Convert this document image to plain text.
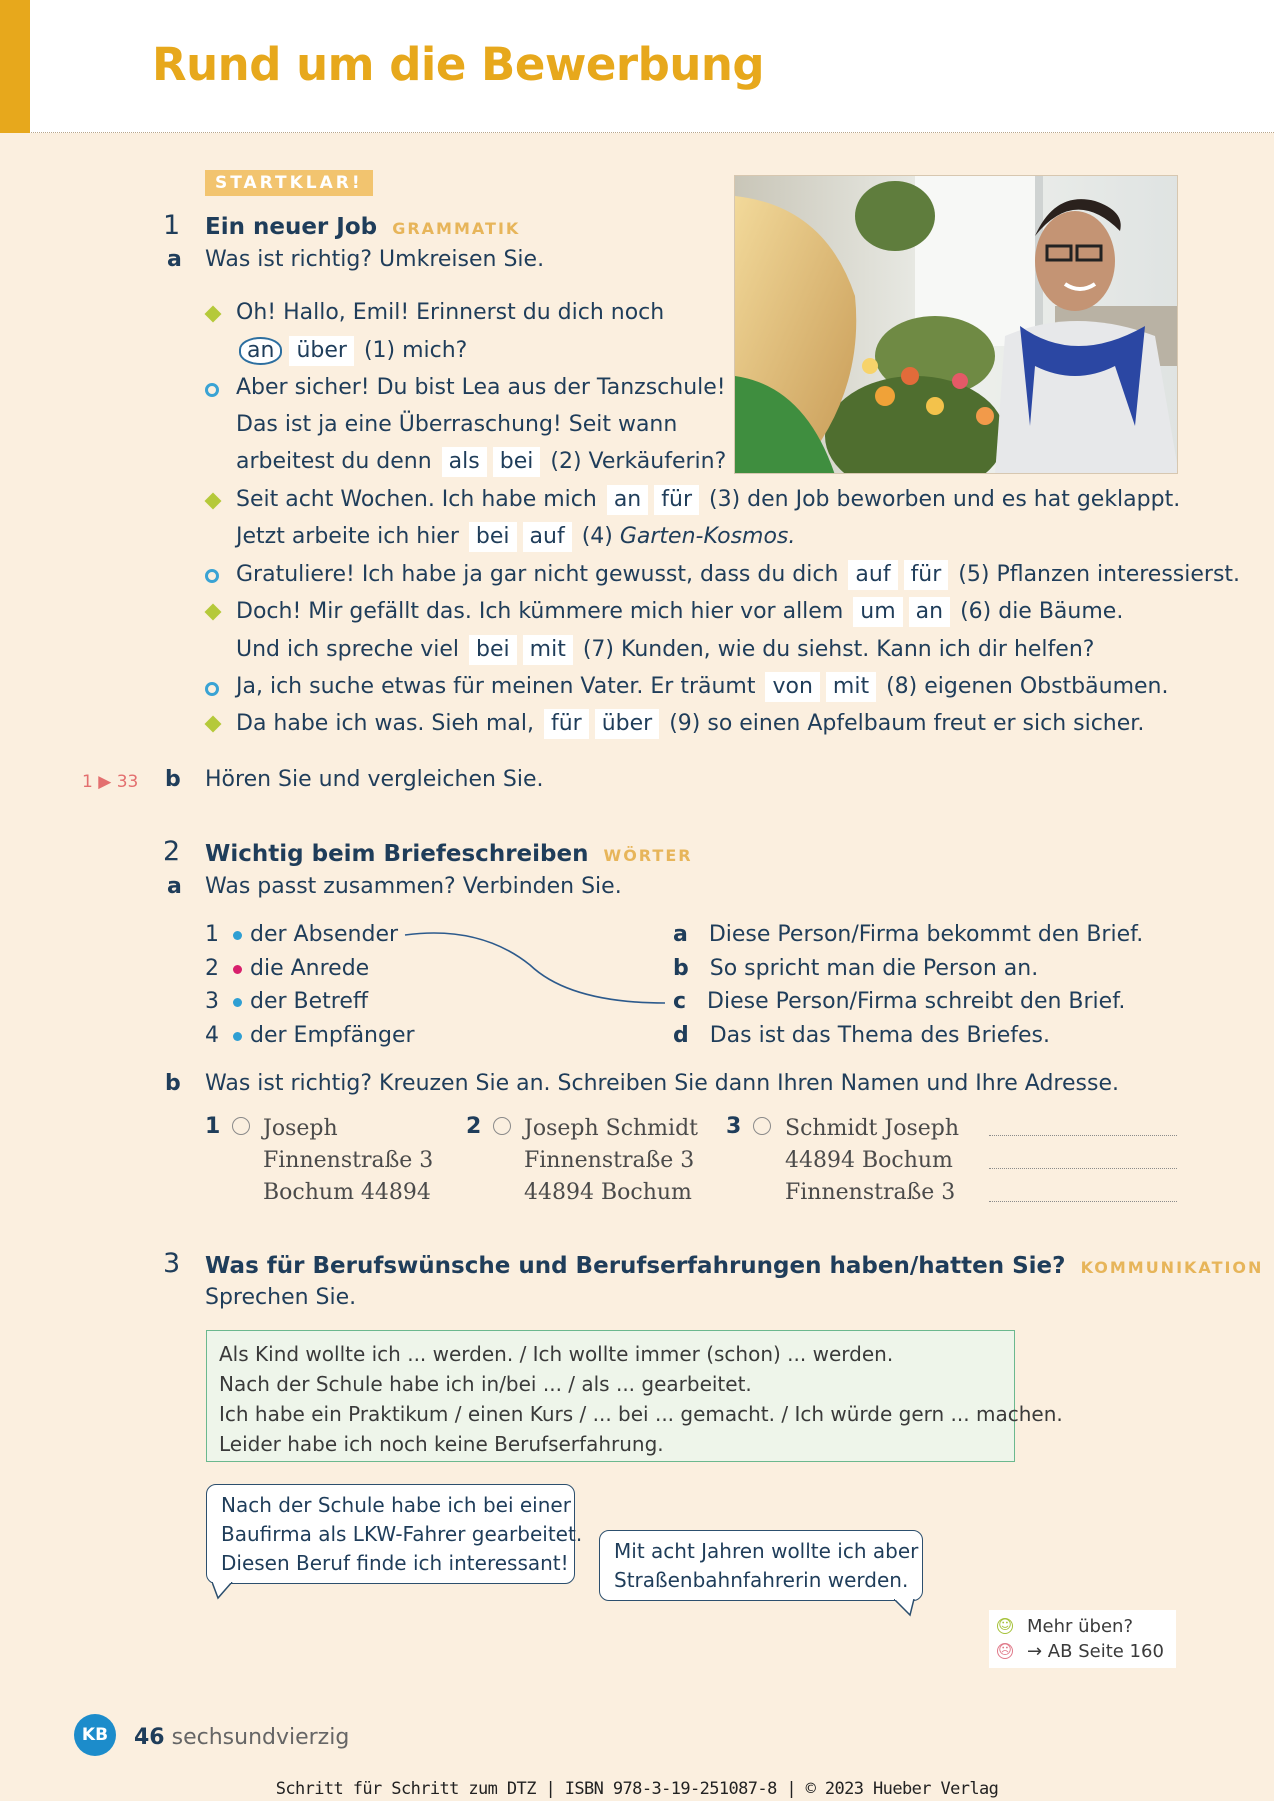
Rund um die Bewerbung
STARTKLAR!
1 Ein neuer Job GRAMMATIK
a Was ist richtig? Umkreisen Sie.
Oh! Hallo, Emil! Erinnerst du dich noch
an über (1) mich?
Aber sicher! Du bist Lea aus der Tanzschule!
Das ist ja eine Überraschung! Seit wann
arbeitest du denn als bei (2) Verkäuferin?
Seit acht Wochen. Ich habe mich an für (3) den Job beworben und es hat geklappt.
Jetzt arbeite ich hier bei auf (4) Garten-Kosmos.
Gratuliere! Ich habe ja gar nicht gewusst, dass du dich auf für (5) Pflanzen interessierst.
Doch! Mir gefällt das. Ich kümmere mich hier vor allem um an (6) die Bäume.
Und ich spreche viel bei mit (7) Kunden, wie du siehst. Kann ich dir helfen?
Ja, ich suche etwas für meinen Vater. Er träumt von mit (8) eigenen Obstbäumen.
Da habe ich was. Sieh mal, für über (9) so einen Apfelbaum freut er sich sicher.
1 ▶ 33 b Hören Sie und vergleichen Sie.
2 Wichtig beim Briefeschreiben WÖRTER
a Was passt zusammen? Verbinden Sie.
1 der Absender
2 die Anrede
3 der Betreff
4 der Empfänger
a Diese Person/Firma bekommt den Brief.
b So spricht man die Person an.
c Diese Person/Firma schreibt den Brief.
d Das ist das Thema des Briefes.
b Was ist richtig? Kreuzen Sie an. Schreiben Sie dann Ihren Namen und Ihre Adresse.
1 Joseph
Finnenstraße 3
Bochum 44894
2 Joseph Schmidt
Finnenstraße 3
44894 Bochum
3 Schmidt Joseph
44894 Bochum
Finnenstraße 3
3 Was für Berufswünsche und Berufserfahrungen haben/hatten Sie? KOMMUNIKATION
Sprechen Sie.
Als Kind wollte ich ... werden. / Ich wollte immer (schon) ... werden.
Nach der Schule habe ich in/bei ... / als ... gearbeitet.
Ich habe ein Praktikum / einen Kurs / ... bei ... gemacht. / Ich würde gern ... machen.
Leider habe ich noch keine Berufserfahrung.
Nach der Schule habe ich bei einer
Baufirma als LKW-Fahrer gearbeitet.
Diesen Beruf finde ich interessant! Mit acht Jahren wollte ich aber
Straßenbahnfahrerin werden.
☺
☹
Mehr üben?
→ AB Seite 160
KB	46 sechsundvierzig
Schritt für Schritt zum DTZ | ISBN 978-3-19-251087-8 | © 2023 Hueber Verlag
